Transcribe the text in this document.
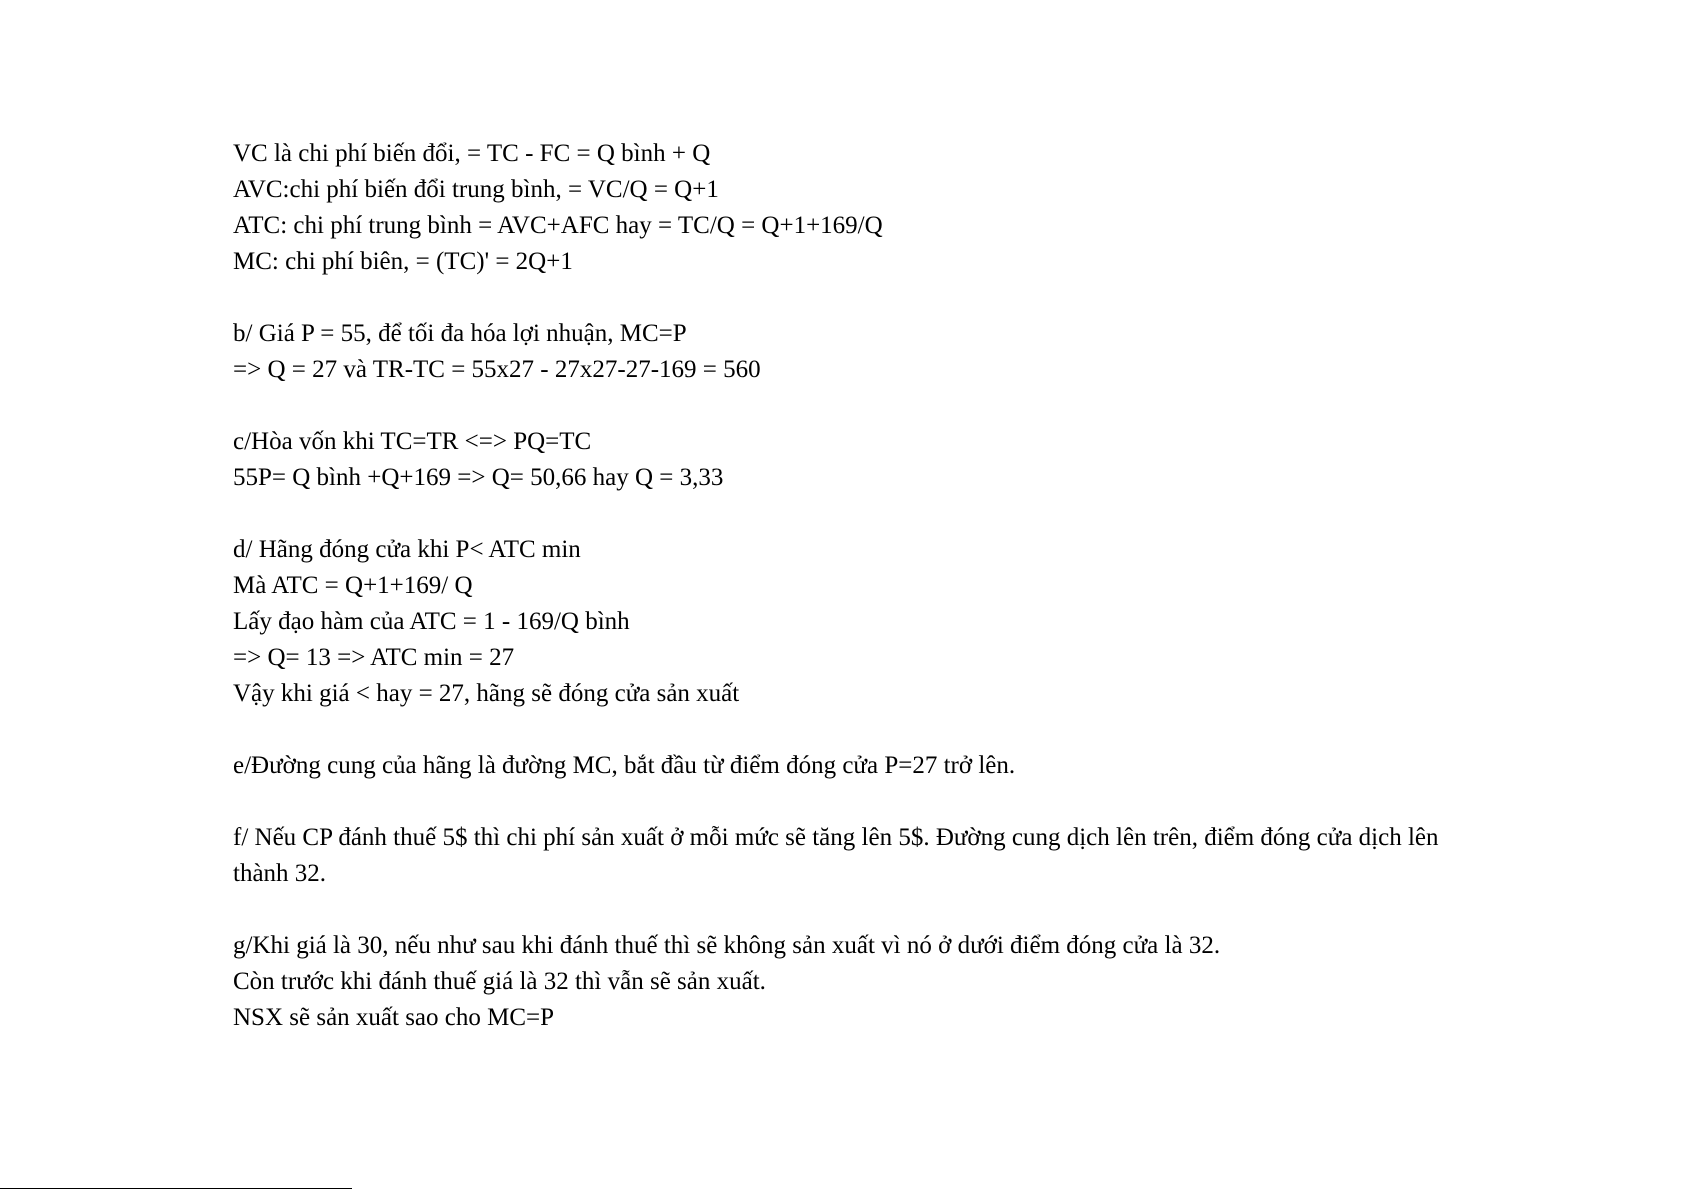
VC là chi phí biến đổi, = TC - FC = Q bình + Q
AVC:chi phí biến đổi trung bình, = VC/Q = Q+1
ATC: chi phí trung bình = AVC+AFC hay = TC/Q = Q+1+169/Q
MC: chi phí biên, = (TC)' = 2Q+1
b/ Giá P = 55, để tối đa hóa lợi nhuận, MC=P
=> Q = 27 và TR-TC = 55x27 - 27x27-27-169 = 560
c/Hòa vốn khi TC=TR <=> PQ=TC
55P= Q bình +Q+169 => Q= 50,66 hay Q = 3,33
d/ Hãng đóng cửa khi P< ATC min
Mà ATC = Q+1+169/ Q
Lấy đạo hàm của ATC = 1 - 169/Q bình
=> Q= 13 => ATC min = 27
Vậy khi giá < hay = 27, hãng sẽ đóng cửa sản xuất
e/Đường cung của hãng là đường MC, bắt đầu từ điểm đóng cửa P=27 trở lên.
f/ Nếu CP đánh thuế 5$ thì chi phí sản xuất ở mỗi mức sẽ tăng lên 5$. Đường cung dịch lên trên, điểm đóng cửa dịch lên thành 32.
g/Khi giá là 30, nếu như sau khi đánh thuế thì sẽ không sản xuất vì nó ở dưới điểm đóng cửa là 32.
Còn trước khi đánh thuế giá là 32 thì vẫn sẽ sản xuất.
NSX sẽ sản xuất sao cho MC=P
